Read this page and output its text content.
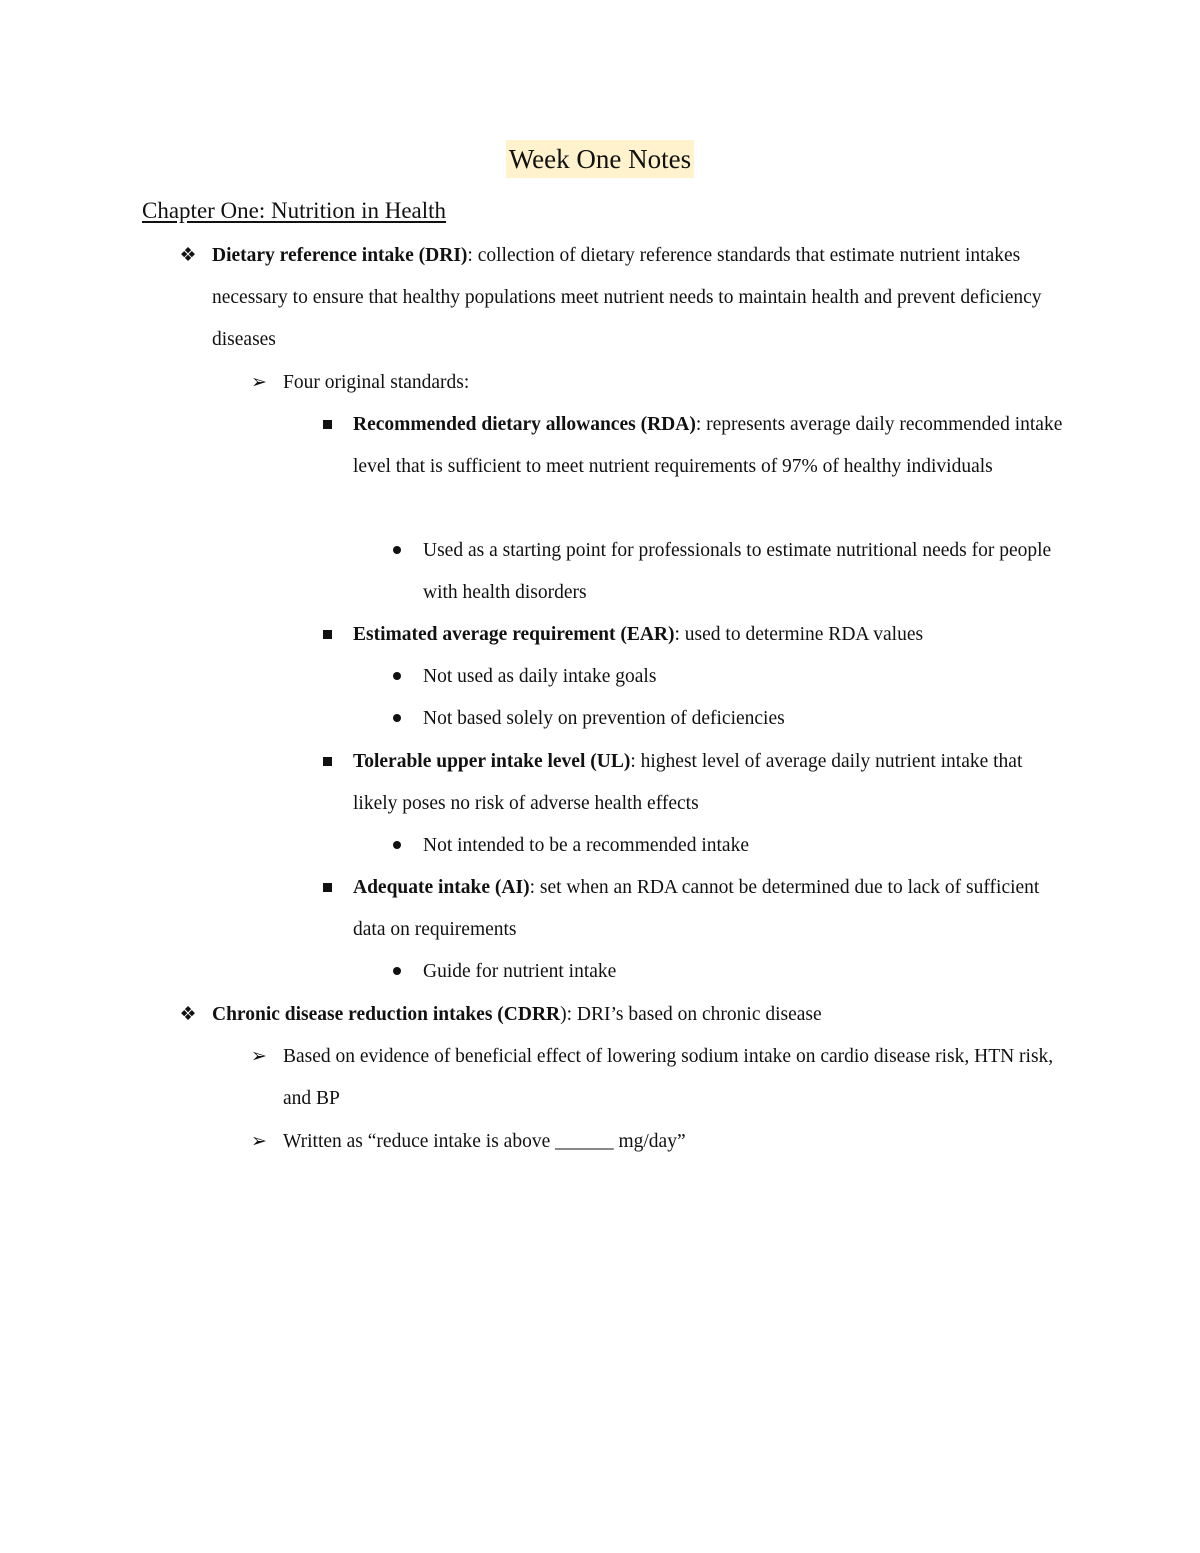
Week One Notes
Chapter One: Nutrition in Health
❖ Dietary reference intake (DRI): collection of dietary reference standards that estimate nutrient intakes necessary to ensure that healthy populations meet nutrient needs to maintain health and prevent deficiency diseases
➢ Four original standards:
Recommended dietary allowances (RDA): represents average daily recommended intake level that is sufficient to meet nutrient requirements of 97% of healthy individuals
Used as a starting point for professionals to estimate nutritional needs for people with health disorders
Estimated average requirement (EAR): used to determine RDA values
Not used as daily intake goals
Not based solely on prevention of deficiencies
Tolerable upper intake level (UL): highest level of average daily nutrient intake that likely poses no risk of adverse health effects
Not intended to be a recommended intake
Adequate intake (AI): set when an RDA cannot be determined due to lack of sufficient data on requirements
Guide for nutrient intake
❖ Chronic disease reduction intakes (CDRR): DRI’s based on chronic disease
➢ Based on evidence of beneficial effect of lowering sodium intake on cardio disease risk, HTN risk, and BP
➢ Written as “reduce intake is above ______ mg/day”
